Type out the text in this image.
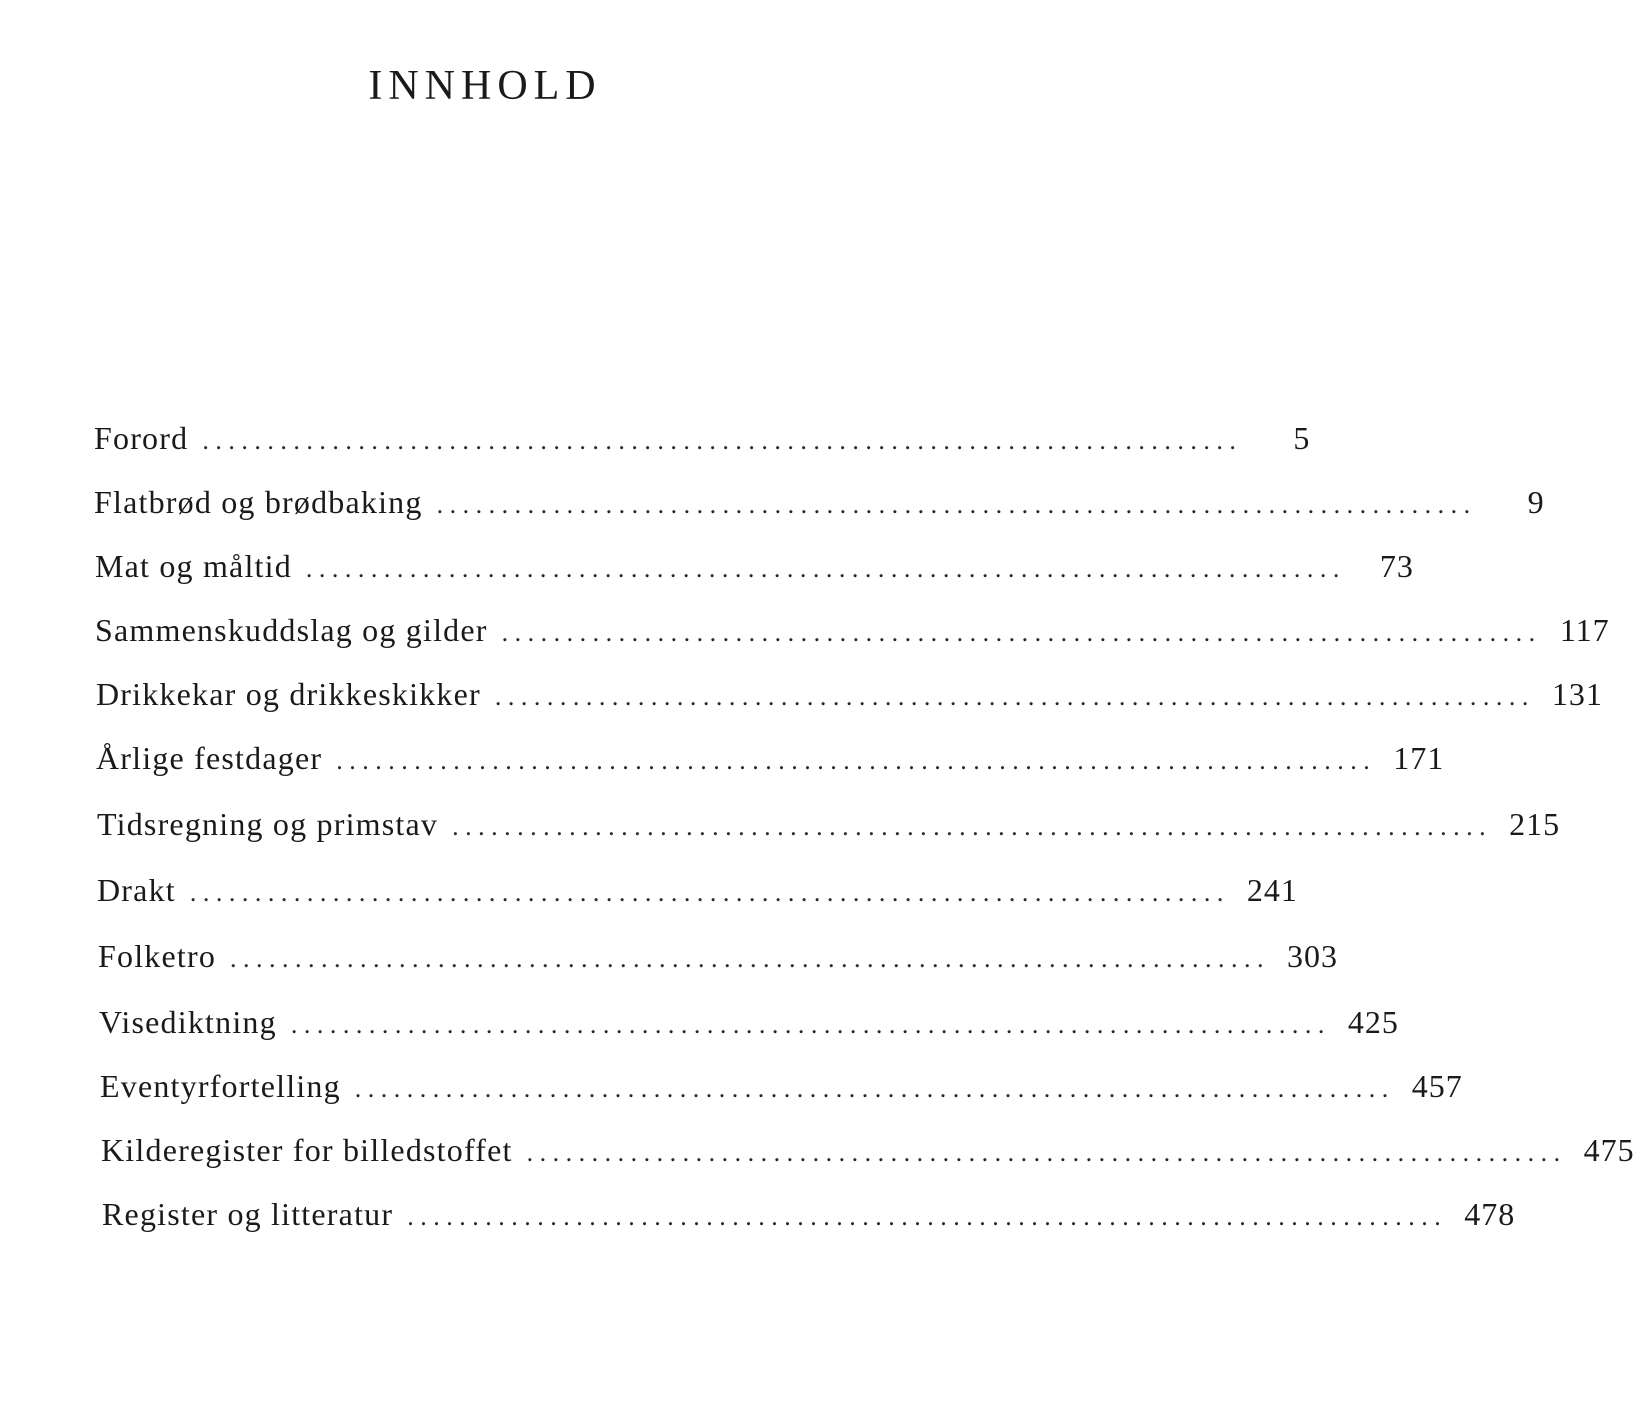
INNHOLD
Forord ................................................................................	5
Flatbrød og brødbaking ................................................................................	9
Mat og måltid ................................................................................	73
Sammenskuddslag og gilder ................................................................................ 117
Drikkekar og drikkeskikker ................................................................................ 131
Årlige festdager ................................................................................ 171
Tidsregning og primstav ................................................................................ 215
Drakt ................................................................................ 241
Folketro ................................................................................ 303
Visediktning ................................................................................ 425
Eventyrfortelling ................................................................................ 457
Kilderegister for billedstoffet ................................................................................ 475
Register og litteratur ................................................................................ 478
